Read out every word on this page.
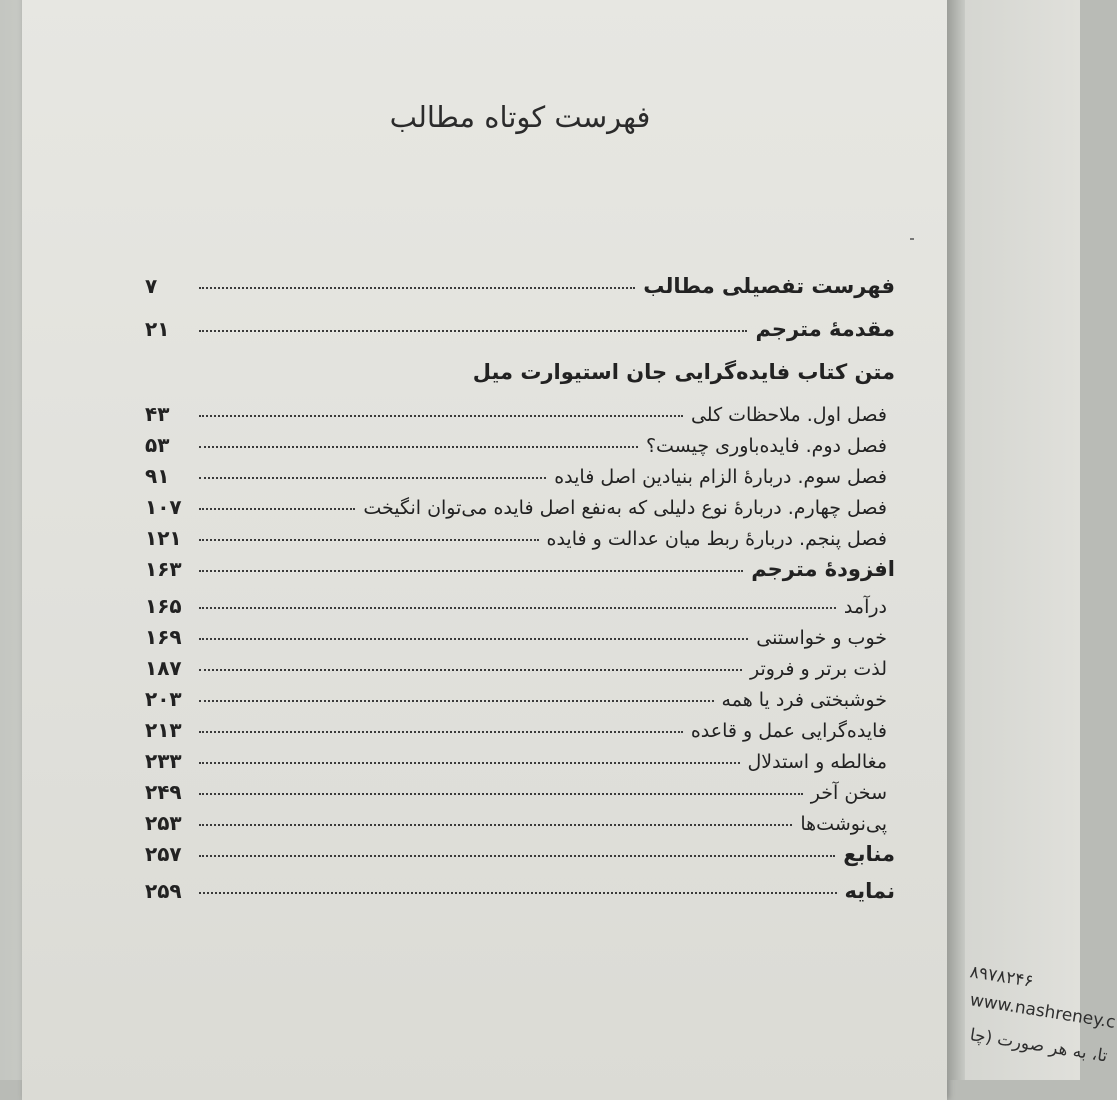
۸۹۷۸۲۴۶
www.nashreney.c
تا، به هر صورت (چا
فهرست کوتاه مطالب
فهرست تفصیلی مطالب
۷
مقدمهٔ مترجم
۲۱
متن کتاب فایده‌گرایی جان استیوارت میل
فصل اول. ملاحظات کلی
۴۳
فصل دوم. فایده‌باوری چیست؟
۵۳
فصل سوم. دربارهٔ الزام بنیادین اصل فایده
۹۱
فصل چهارم. دربارهٔ نوع دلیلی که به‌نفع اصل فایده می‌توان انگیخت
۱۰۷
فصل پنجم. دربارهٔ ربط میان عدالت و فایده
۱۲۱
افزودهٔ مترجم
۱۶۳
درآمد
۱۶۵
خوب و خواستنی
۱۶۹
لذت برتر و فروتر
۱۸۷
خوشبختی فرد یا همه
۲۰۳
فایده‌گرایی عمل و قاعده
۲۱۳
مغالطه و استدلال
۲۳۳
سخن آخر
۲۴۹
پی‌نوشت‌ها
۲۵۳
منابع
۲۵۷
نمایه
۲۵۹
